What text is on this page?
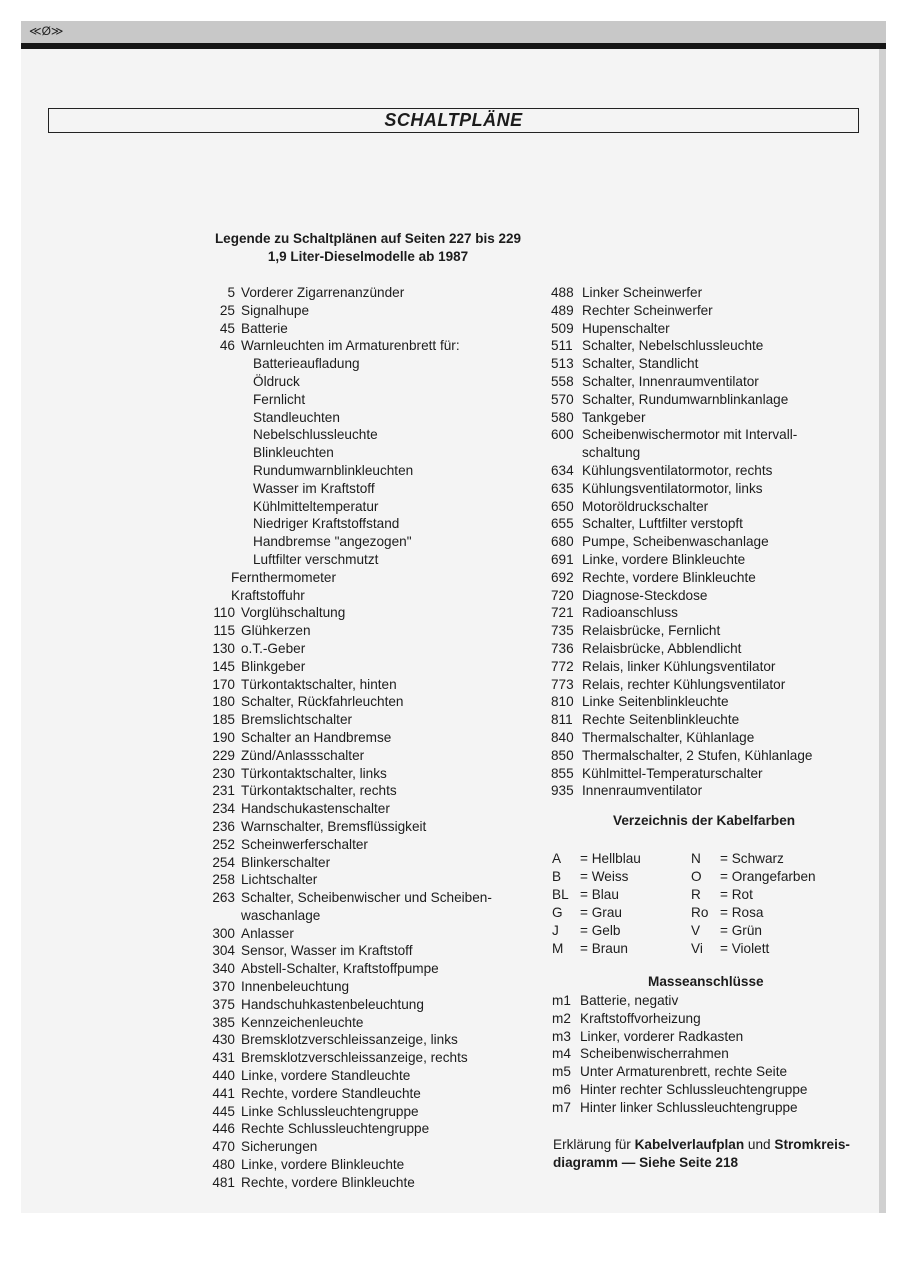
≪Ø≫
SCHALTPLÄNE
Legende zu Schaltplänen auf Seiten 227 bis 229
1,9 Liter-Dieselmodelle ab 1987
5 Vorderer Zigarrenanzünder
25 Signalhupe
45 Batterie
46 Warnleuchten im Armaturenbrett für:
Batterieaufladung
Öldruck
Fernlicht
Standleuchten
Nebelschlussleuchte
Blinkleuchten
Rundumwarnblinkleuchten
Wasser im Kraftstoff
Kühlmitteltemperatur
Niedriger Kraftstoffstand
Handbremse "angezogen"
Luftfilter verschmutzt
Fernthermometer
Kraftstoffuhr
110 Vorglühschaltung
115 Glühkerzen
130 o.T.-Geber
145 Blinkgeber
170 Türkontaktschalter, hinten
180 Schalter, Rückfahrleuchten
185 Bremslichtschalter
190 Schalter an Handbremse
229 Zünd/Anlassschalter
230 Türkontaktschalter, links
231 Türkontaktschalter, rechts
234 Handschukastenschalter
236 Warnschalter, Bremsflüssigkeit
252 Scheinwerferschalter
254 Blinkerschalter
258 Lichtschalter
263 Schalter, Scheibenwischer und Scheiben-
waschanlage
300 Anlasser
304 Sensor, Wasser im Kraftstoff
340 Abstell-Schalter, Kraftstoffpumpe
370 Innenbeleuchtung
375 Handschuhkastenbeleuchtung
385 Kennzeichenleuchte
430 Bremsklotzverschleissanzeige, links
431 Bremsklotzverschleissanzeige, rechts
440 Linke, vordere Standleuchte
441 Rechte, vordere Standleuchte
445 Linke Schlussleuchtengruppe
446 Rechte Schlussleuchtengruppe
470 Sicherungen
480 Linke, vordere Blinkleuchte
481 Rechte, vordere Blinkleuchte
488 Linker Scheinwerfer
489 Rechter Scheinwerfer
509 Hupenschalter
511 Schalter, Nebelschlussleuchte
513 Schalter, Standlicht
558 Schalter, Innenraumventilator
570 Schalter, Rundumwarnblinkanlage
580 Tankgeber
600 Scheibenwischermotor mit Intervall-
schaltung
634 Kühlungsventilatormotor, rechts
635 Kühlungsventilatormotor, links
650 Motoröldruckschalter
655 Schalter, Luftfilter verstopft
680 Pumpe, Scheibenwaschanlage
691 Linke, vordere Blinkleuchte
692 Rechte, vordere Blinkleuchte
720 Diagnose-Steckdose
721 Radioanschluss
735 Relaisbrücke, Fernlicht
736 Relaisbrücke, Abblendlicht
772 Relais, linker Kühlungsventilator
773 Relais, rechter Kühlungsventilator
810 Linke Seitenblinkleuchte
811 Rechte Seitenblinkleuchte
840 Thermalschalter, Kühlanlage
850 Thermalschalter, 2 Stufen, Kühlanlage
855 Kühlmittel-Temperaturschalter
935 Innenraumventilator
Verzeichnis der Kabelfarben
A = Hellblau	N = Schwarz
B = Weiss	O = Orangefarben
BL = Blau	R = Rot
G = Grau	Ro = Rosa
J = Gelb	V = Grün
M = Braun	Vi = Violett
Masseanschlüsse
m1 Batterie, negativ
m2 Kraftstoffvorheizung
m3 Linker, vorderer Radkasten
m4 Scheibenwischerrahmen
m5 Unter Armaturenbrett, rechte Seite
m6 Hinter rechter Schlussleuchtengruppe
m7 Hinter linker Schlussleuchtengruppe
Erklärung für Kabelverlaufplan und Stromkreis-
diagramm — Siehe Seite 218
